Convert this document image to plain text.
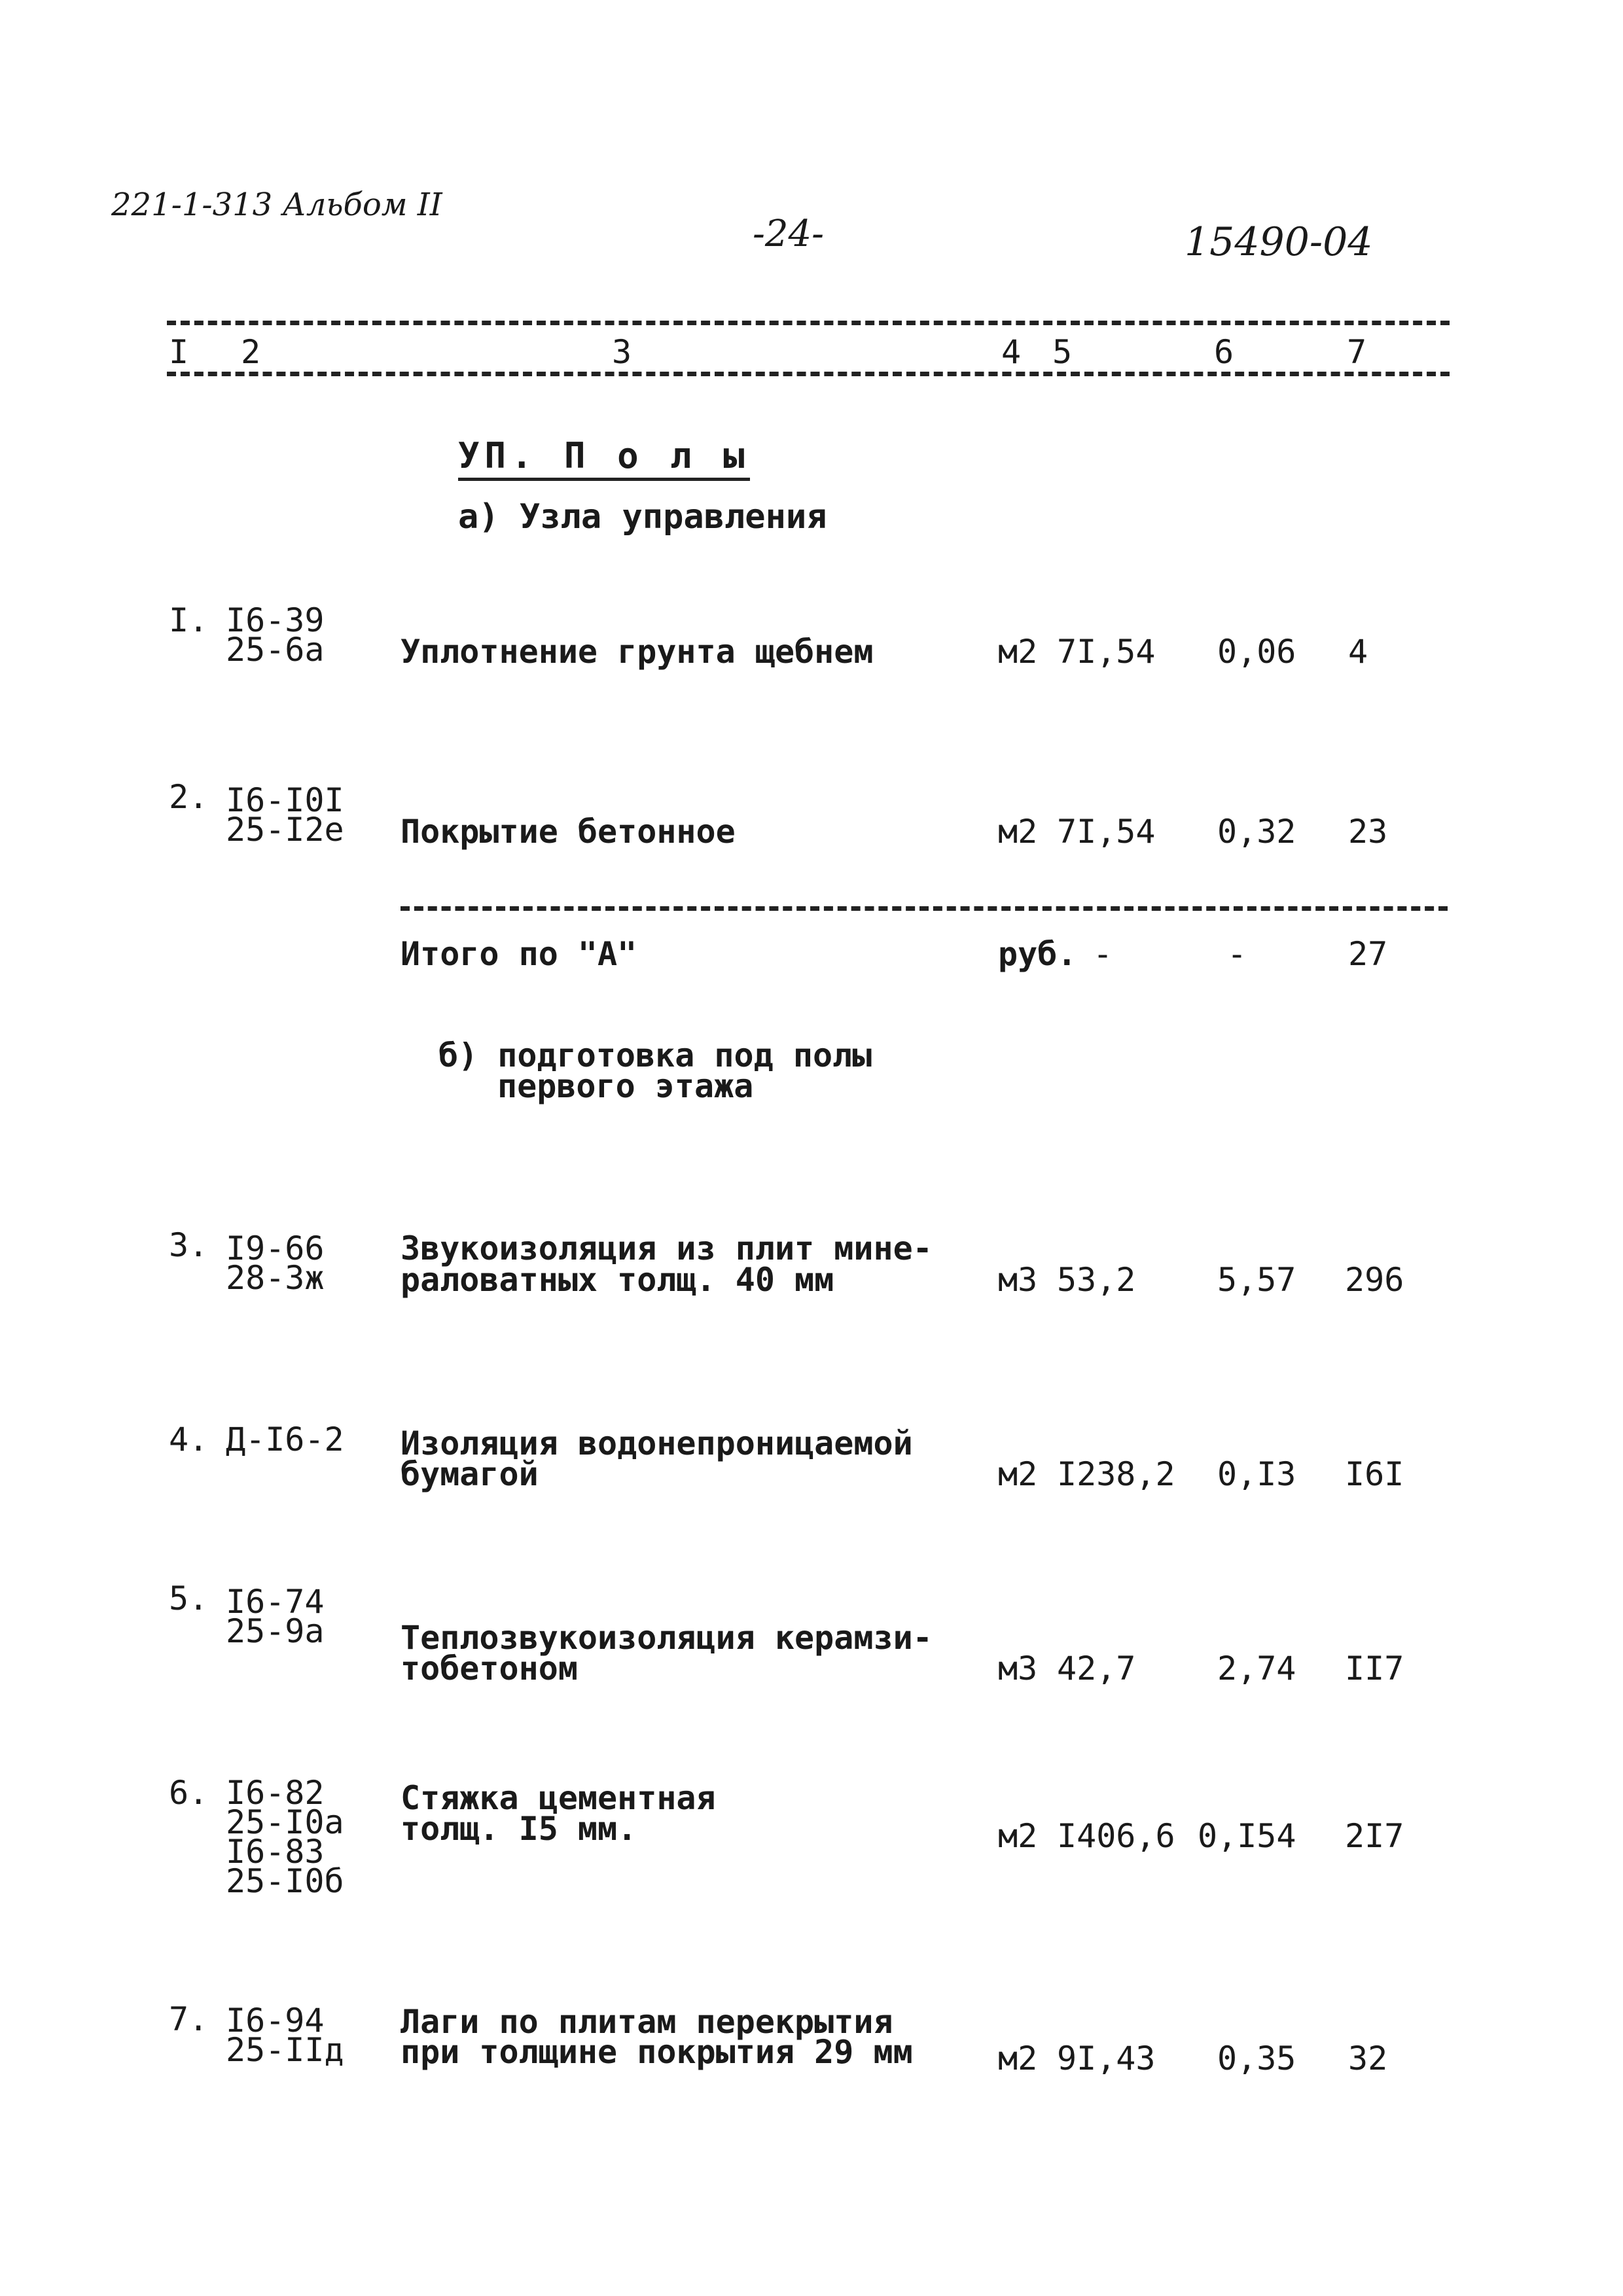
221-1-313 Альбом II
-24-	15490-04
I 2	3	4 5	6	7
УП. П о л ы
а) Узла управления
I. I6-39
25-6а Уплотнение грунта щебнем	м2 7I,54 0,06 4
2. I6-I0I
25-I2е Покрытие бетонное	м2 7I,54 0,32 23
Итого по "А"	руб. -	-	27
б) подготовка под полы
первого этажа
3. I9-66
28-3ж
Звукоизоляция из плит мине-
раловатных толщ. 40 мм	м3 53,2 5,57 296
4. Д-I6-2 Изоляция водонепроницаемой
бумагой	м2 I238,2 0,I3 I6I
5. I6-74
25-9а Теплозвукоизоляция керамзи-
тобетоном	м3 42,7 2,74 II7
6. I6-82
25-I0а
I6-83
25-I0б
Стяжка цементная
толщ. I5 мм.	м2 I406,6 0,I54 2I7
7. I6-94
25-IIд
Лаги по плитам перекрытия
при толщине покрытия 29 мм	м2 9I,43 0,35 32
